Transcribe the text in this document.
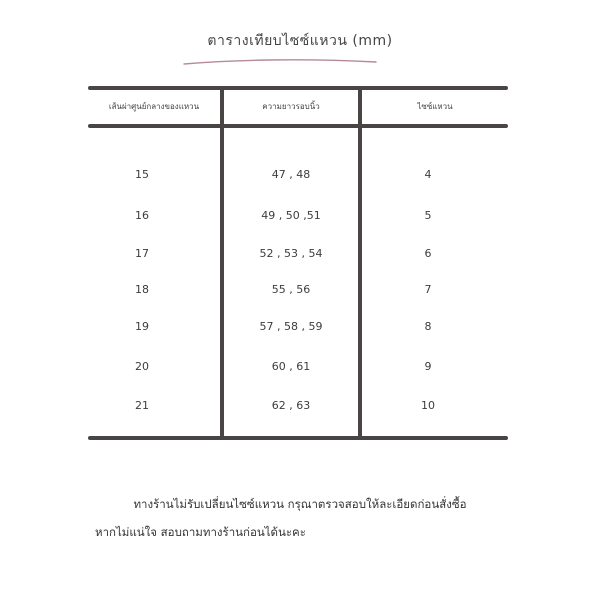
ตารางเทียบไซซ์แหวน (mm)
เส้นผ่าศูนย์กลางของแหวน	ความยาวรอบนิ้ว	ไซซ์แหวน
15	47 , 48	4
16	49 , 50 ,51	5
17	52 , 53 , 54	6
18	55 , 56	7
19	57 , 58 , 59	8
20	60 , 61	9
21	62 , 63	10
ทางร้านไม่รับเปลี่ยนไซซ์แหวน กรุณาตรวจสอบให้ละเอียดก่อนสั่งซื้อ
หากไม่แน่ใจ สอบถามทางร้านก่อนได้นะคะ
